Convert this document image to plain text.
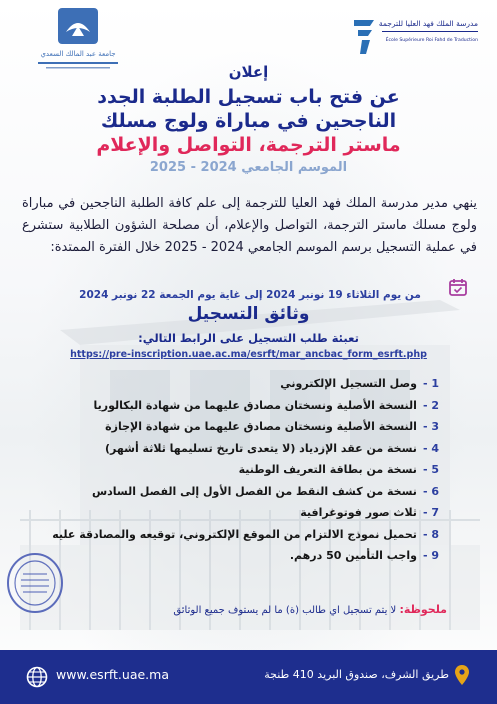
جامعة عبد المالك السعدي
مدرسة الملك فهد العليا للترجمة
École Supérieure Roi Fahd de Traduction

إعلان

عن فتح باب تسجيل الطلبة الجدد

الناجحين في مباراة ولوج مسلك

ماستر الترجمة، التواصل والإعلام

الموسم الجامعي 2024 - 2025

ينهي مدير مدرسة الملك فهد العليا للترجمة إلى علم كافة الطلبة الناجحين في مباراة ولوج مسلك ماستر الترجمة، التواصل والإعلام، أن مصلحة الشؤون الطلابية ستشرع في عملية التسجيل برسم الموسم الجامعي 2024 - 2025 خلال الفترة الممتدة:

من يوم الثلاثاء 19 نونبر 2024 إلى غاية يوم الجمعة 22 نونبر 2024

وثائق التسجيل

تعبئة طلب التسجيل على الرابط التالي:

https://pre-inscription.uae.ac.ma/esrft/mar_ancbac_form_esrft.php
1 -
وصل التسجيل الإلكتروني
2 -
النسخة الأصلية ونسختان مصادق عليهما من شهادة البكالوريا
3 -
النسخة الأصلية ونسختان مصادق عليهما من شهادة الإجازة
4 -
نسخة من عقد الإزدياد (لا يتعدى تاريخ تسليمها ثلاثة أشهر)
5 -
نسخة من بطاقة التعريف الوطنية
6 -
نسخة من كشف النقط من الفصل الأول إلى الفصل السادس
7 -
ثلاث صور فوتوغرافية
8 -
تحميل نموذج الالتزام من الموقع الإلكتروني، توقيعه والمصادقة عليه
9 -
واجب التأمين 50 درهم.
ملحوظة: لا يتم تسجيل اي طالب (ة) ما لم يستوف جميع الوثائق
www.esrft.uae.ma	طريق الشرف، صندوق البريد 410 طنجة
